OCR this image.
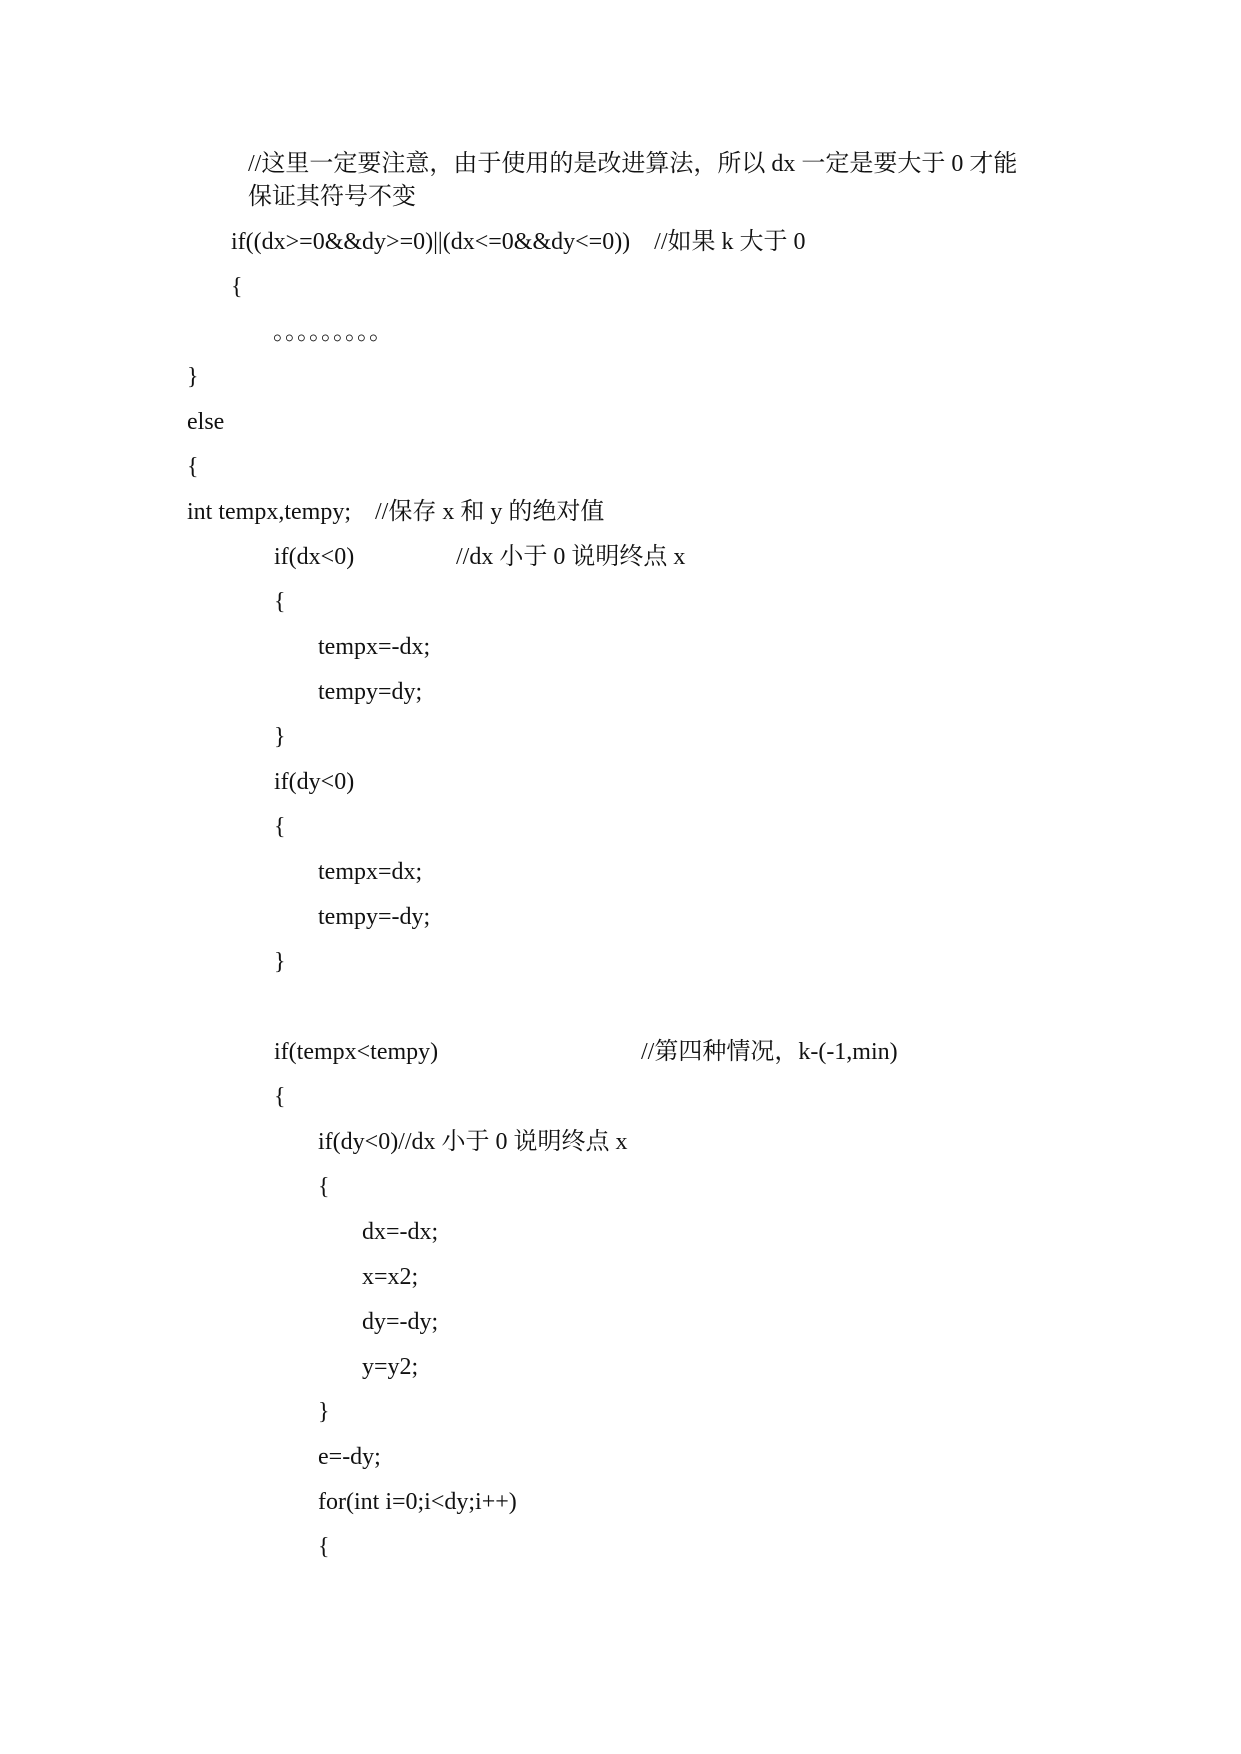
//这里一定要注意，由于使用的是改进算法，所以 dx 一定是要大于 0 才能
保证其符号不变
if((dx>=0&&dy>=0)||(dx<=0&&dy<=0))    //如果 k 大于 0
{
。。。。。。。。。
}
else
{
int tempx,tempy;    //保存 x 和 y 的绝对值
if(dx<0)	//dx 小于 0 说明终点 x
{
tempx=-dx;
tempy=dy;
}
if(dy<0)
{
tempx=dx;
tempy=-dy;
}
if(tempx<tempy)	//第四种情况，k-(-1,min)
{
if(dy<0)//dx 小于 0 说明终点 x
{
dx=-dx;
x=x2;
dy=-dy;
y=y2;
}
e=-dy;
for(int i=0;i<dy;i++)
{
